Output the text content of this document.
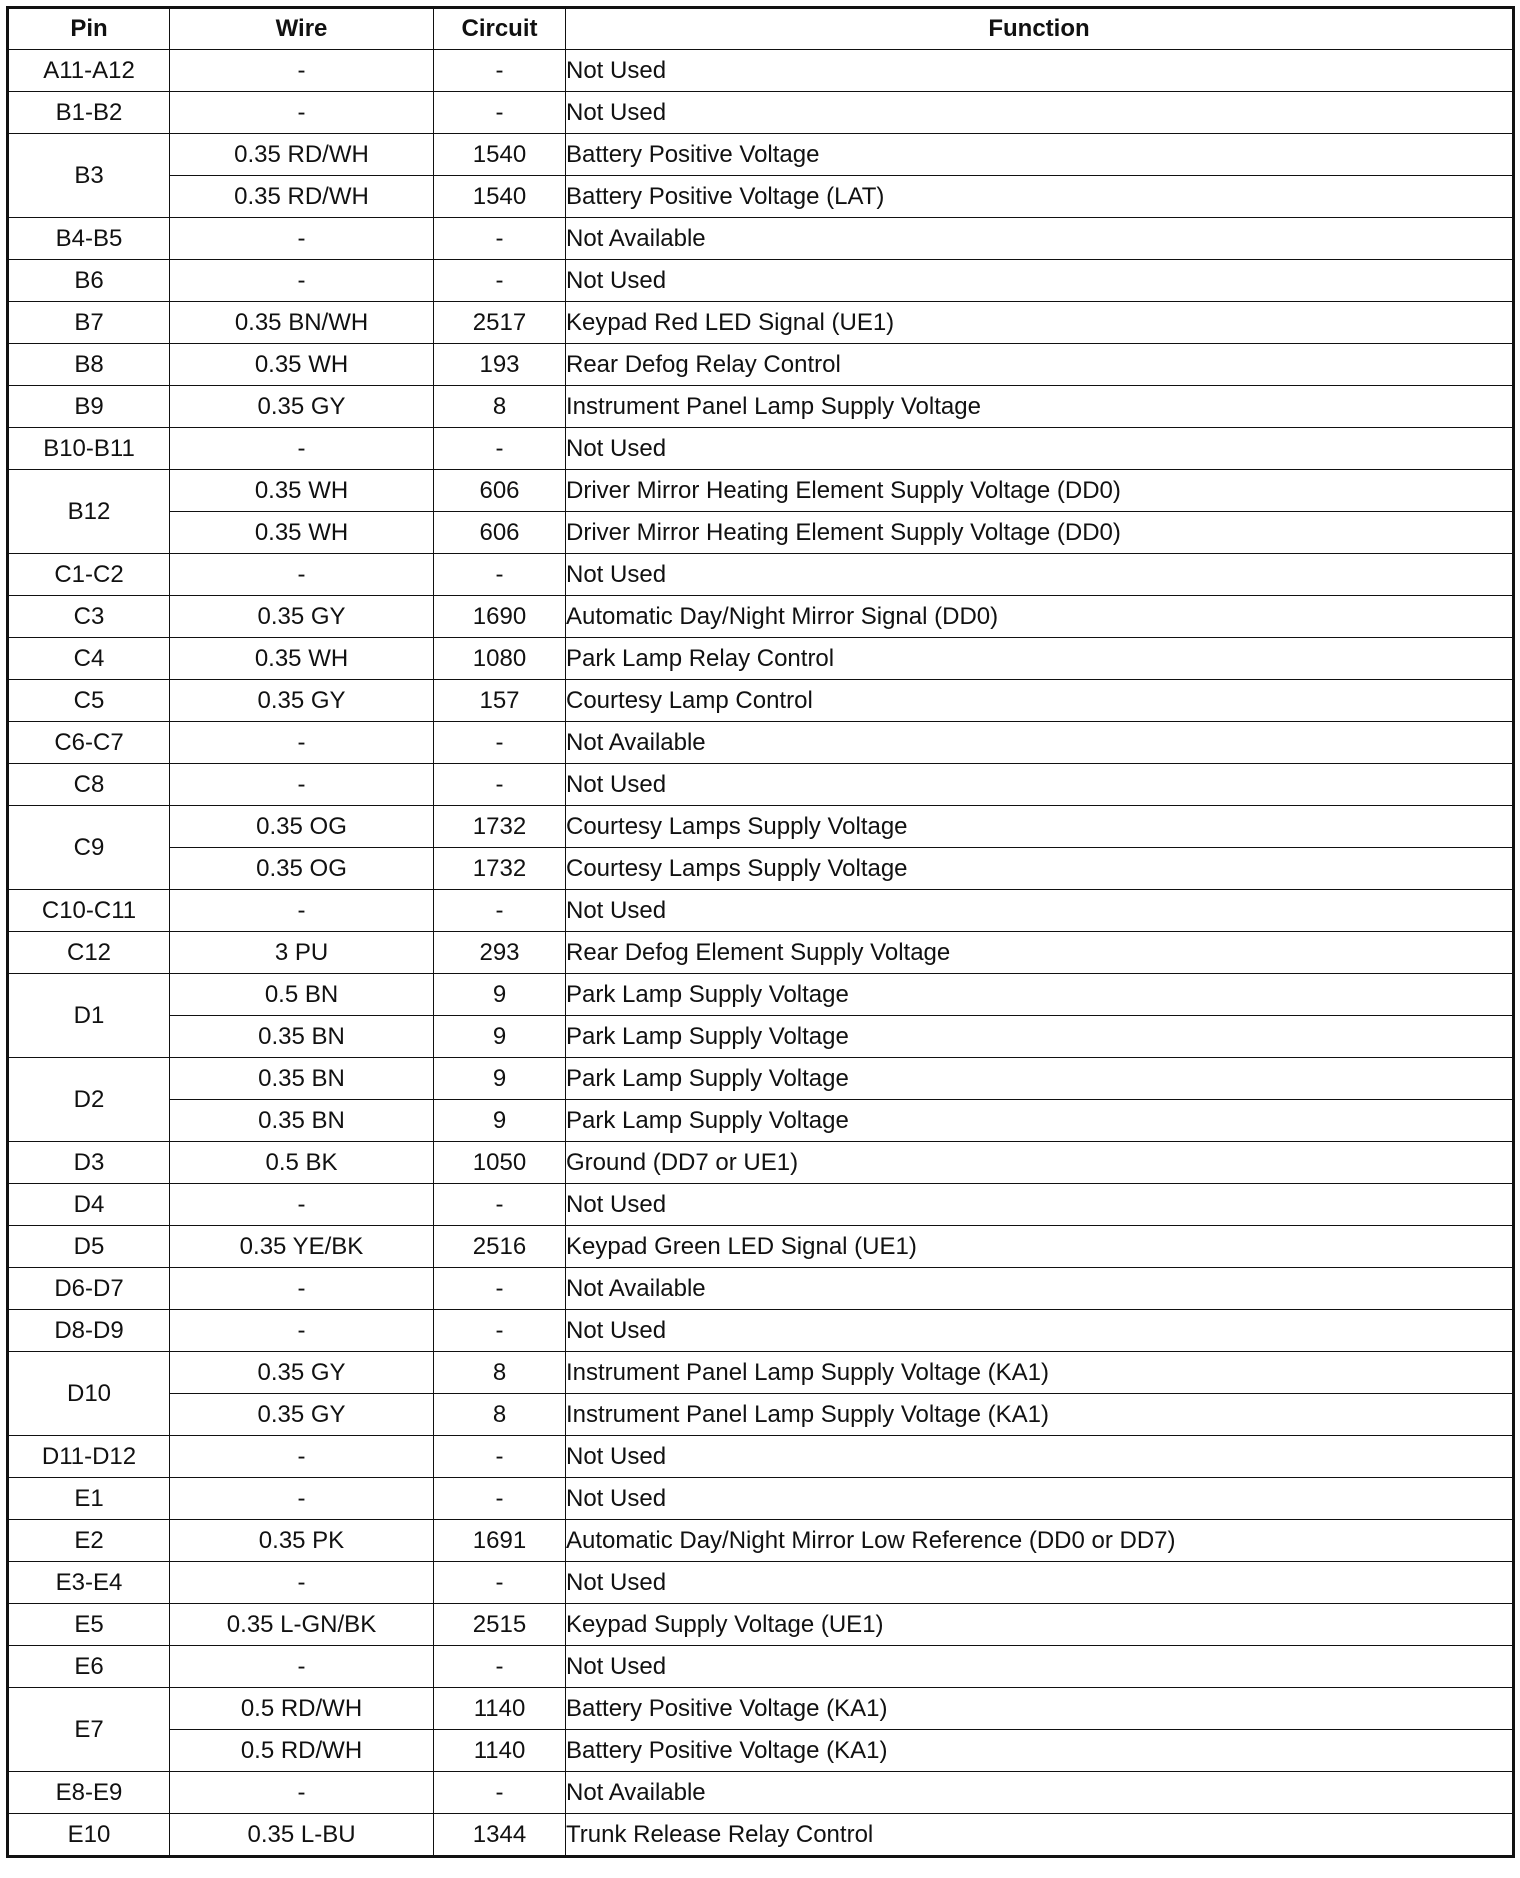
Pin	Wire	Circuit	Function
A11-A12	-	-	Not Used
B1-B2	-	-	Not Used
B3	0.35 RD/WH	1540	Battery Positive Voltage
	0.35 RD/WH	1540	Battery Positive Voltage (LAT)
B4-B5	-	-	Not Available
B6	-	-	Not Used
B7	0.35 BN/WH	2517	Keypad Red LED Signal (UE1)
B8	0.35 WH	193	Rear Defog Relay Control
B9	0.35 GY	8	Instrument Panel Lamp Supply Voltage
B10-B11	-	-	Not Used
B12	0.35 WH	606	Driver Mirror Heating Element Supply Voltage (DD0)
	0.35 WH	606	Driver Mirror Heating Element Supply Voltage (DD0)
C1-C2	-	-	Not Used
C3	0.35 GY	1690	Automatic Day/Night Mirror Signal (DD0)
C4	0.35 WH	1080	Park Lamp Relay Control
C5	0.35 GY	157	Courtesy Lamp Control
C6-C7	-	-	Not Available
C8	-	-	Not Used
C9	0.35 OG	1732	Courtesy Lamps Supply Voltage
	0.35 OG	1732	Courtesy Lamps Supply Voltage
C10-C11	-	-	Not Used
C12	3 PU	293	Rear Defog Element Supply Voltage
D1	0.5 BN	9	Park Lamp Supply Voltage
	0.35 BN	9	Park Lamp Supply Voltage
D2	0.35 BN	9	Park Lamp Supply Voltage
	0.35 BN	9	Park Lamp Supply Voltage
D3	0.5 BK	1050	Ground (DD7 or UE1)
D4	-	-	Not Used
D5	0.35 YE/BK	2516	Keypad Green LED Signal (UE1)
D6-D7	-	-	Not Available
D8-D9	-	-	Not Used
D10	0.35 GY	8	Instrument Panel Lamp Supply Voltage (KA1)
	0.35 GY	8	Instrument Panel Lamp Supply Voltage (KA1)
D11-D12	-	-	Not Used
E1	-	-	Not Used
E2	0.35 PK	1691	Automatic Day/Night Mirror Low Reference (DD0 or DD7)
E3-E4	-	-	Not Used
E5	0.35 L-GN/BK	2515	Keypad Supply Voltage (UE1)
E6	-	-	Not Used
E7	0.5 RD/WH	1140	Battery Positive Voltage (KA1)
	0.5 RD/WH	1140	Battery Positive Voltage (KA1)
E8-E9	-	-	Not Available
E10	0.35 L-BU	1344	Trunk Release Relay Control
